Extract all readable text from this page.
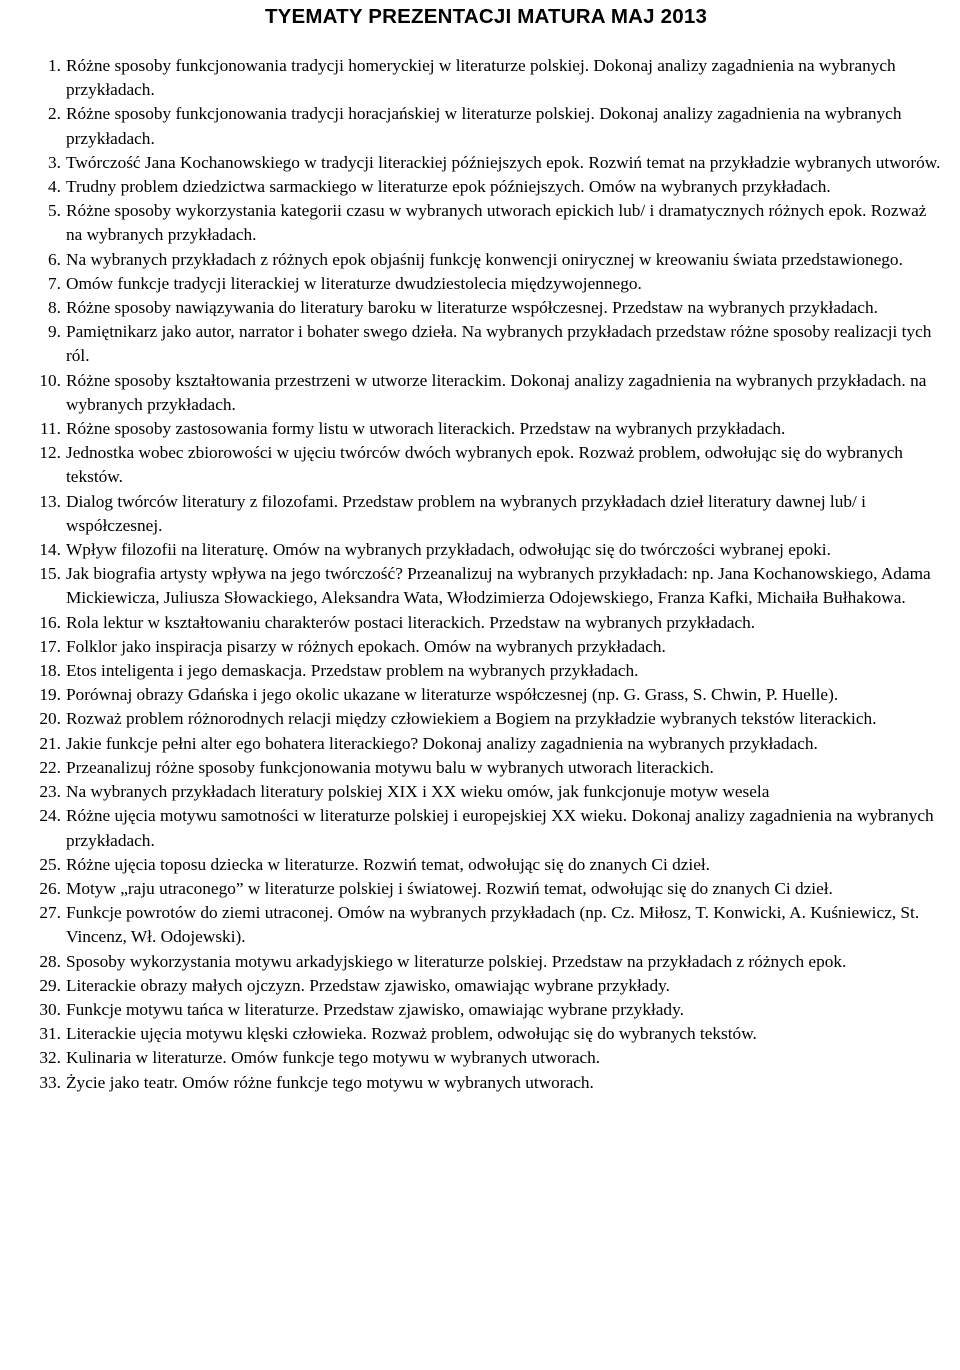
TYEMATY PREZENTACJI MATURA MAJ 2013
1. Różne sposoby funkcjonowania tradycji homeryckiej w literaturze polskiej. Dokonaj analizy zagadnienia na wybranych przykładach.
2. Różne sposoby funkcjonowania tradycji horacjańskiej w literaturze polskiej. Dokonaj analizy zagadnienia na wybranych przykładach.
3. Twórczość Jana Kochanowskiego w tradycji literackiej późniejszych epok. Rozwiń temat na przykładzie wybranych utworów.
4. Trudny problem dziedzictwa sarmackiego w literaturze epok późniejszych. Omów na wybranych przykładach.
5. Różne sposoby wykorzystania kategorii czasu w wybranych utworach epickich lub/ i dramatycznych różnych epok. Rozważ na wybranych przykładach.
6. Na wybranych przykładach z różnych epok objaśnij funkcję konwencji onirycznej w kreowaniu świata przedstawionego.
7. Omów funkcje tradycji literackiej w literaturze dwudziestolecia międzywojennego.
8. Różne sposoby nawiązywania do literatury baroku w literaturze współczesnej. Przedstaw na wybranych przykładach.
9. Pamiętnikarz jako autor, narrator i bohater swego dzieła. Na wybranych przykładach przedstaw różne sposoby realizacji tych ról.
10. Różne sposoby kształtowania przestrzeni w utworze literackim. Dokonaj analizy zagadnienia na wybranych przykładach. na wybranych przykładach.
11. Różne sposoby zastosowania formy listu w utworach literackich. Przedstaw na wybranych przykładach.
12. Jednostka wobec zbiorowości w ujęciu twórców dwóch wybranych epok. Rozważ problem, odwołując się do wybranych tekstów.
13. Dialog twórców literatury z filozofami. Przedstaw problem na wybranych przykładach dzieł literatury dawnej lub/ i współczesnej.
14. Wpływ filozofii na literaturę. Omów na wybranych przykładach, odwołując się do twórczości wybranej epoki.
15. Jak biografia artysty wpływa na jego twórczość? Przeanalizuj na wybranych przykładach: np. Jana Kochanowskiego, Adama Mickiewicza, Juliusza Słowackiego, Aleksandra Wata, Włodzimierza Odojewskiego, Franza Kafki, Michaiła Bułhakowa.
16. Rola lektur w kształtowaniu charakterów postaci literackich. Przedstaw na wybranych przykładach.
17. Folklor jako inspiracja pisarzy w różnych epokach. Omów na wybranych przykładach.
18. Etos inteligenta i jego demaskacja. Przedstaw problem na wybranych przykładach.
19. Porównaj obrazy Gdańska i jego okolic ukazane w literaturze współczesnej (np. G. Grass, S. Chwin, P. Huelle).
20. Rozważ problem różnorodnych relacji między człowiekiem a Bogiem na przykładzie wybranych tekstów literackich.
21. Jakie funkcje pełni alter ego bohatera literackiego? Dokonaj analizy zagadnienia na wybranych przykładach.
22. Przeanalizuj różne sposoby funkcjonowania motywu balu w wybranych utworach literackich.
23. Na wybranych przykładach literatury polskiej XIX i XX wieku omów, jak funkcjonuje motyw wesela
24. Różne ujęcia motywu samotności w literaturze polskiej i europejskiej XX wieku. Dokonaj analizy zagadnienia na wybranych przykładach.
25. Różne ujęcia toposu dziecka w literaturze. Rozwiń temat, odwołując się do znanych Ci dzieł.
26. Motyw „raju utraconego” w literaturze polskiej i światowej. Rozwiń temat, odwołując się do znanych Ci dzieł.
27. Funkcje powrotów do ziemi utraconej. Omów na wybranych przykładach (np. Cz. Miłosz, T. Konwicki, A. Kuśniewicz, St. Vincenz, Wł. Odojewski).
28. Sposoby wykorzystania motywu arkadyjskiego w literaturze polskiej. Przedstaw na przykładach z różnych epok.
29. Literackie obrazy małych ojczyzn. Przedstaw zjawisko, omawiając wybrane przykłady.
30. Funkcje motywu tańca w literaturze. Przedstaw zjawisko, omawiając wybrane przykłady.
31. Literackie ujęcia motywu klęski człowieka. Rozważ problem, odwołując się do wybranych tekstów.
32. Kulinaria w literaturze. Omów funkcje tego motywu w wybranych utworach.
33. Życie jako teatr. Omów różne funkcje tego motywu w wybranych utworach.
